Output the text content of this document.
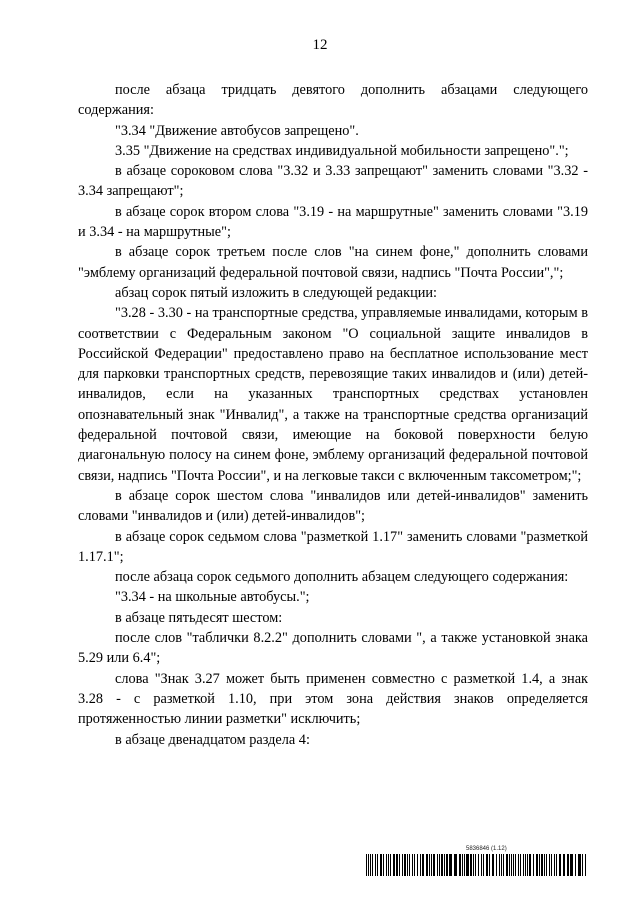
12

после абзаца тридцать девятого дополнить абзацами следующего содержания:

"3.34 "Движение автобусов запрещено".

3.35 "Движение на средствах индивидуальной мобильности запрещено".";

в абзаце сороковом слова "3.32 и 3.33 запрещают" заменить словами "3.32 - 3.34 запрещают";

в абзаце сорок втором слова "3.19 - на маршрутные" заменить словами "3.19 и 3.34 - на маршрутные";

в абзаце сорок третьем после слов "на синем фоне," дополнить словами "эмблему организаций федеральной почтовой связи, надпись "Почта России",";

абзац сорок пятый изложить в следующей редакции:

"3.28 - 3.30 - на транспортные средства, управляемые инвалидами, которым в соответствии с Федеральным законом "О социальной защите инвалидов в Российской Федерации" предоставлено право на бесплатное использование мест для парковки транспортных средств, перевозящие таких инвалидов и (или) детей-инвалидов, если на указанных транспортных средствах установлен опознавательный знак "Инвалид", а также на транспортные средства организаций федеральной почтовой связи, имеющие на боковой поверхности белую диагональную полосу на синем фоне, эмблему организаций федеральной почтовой связи, надпись "Почта России", и на легковые такси с включенным таксометром;";

в абзаце сорок шестом слова "инвалидов или детей-инвалидов" заменить словами "инвалидов и (или) детей-инвалидов";

в абзаце сорок седьмом слова "разметкой 1.17" заменить словами "разметкой 1.17.1";

после абзаца сорок седьмого дополнить абзацем следующего содержания:

"3.34 - на школьные автобусы.";

в абзаце пятьдесят шестом:

после слов "таблички 8.2.2" дополнить словами ", а также установкой знака 5.29 или 6.4";

слова "Знак 3.27 может быть применен совместно с разметкой 1.4, а знак 3.28 - с разметкой 1.10, при этом зона действия знаков определяется протяженностью линии разметки" исключить;

в абзаце двенадцатом раздела 4:

5836846 (1.12)
